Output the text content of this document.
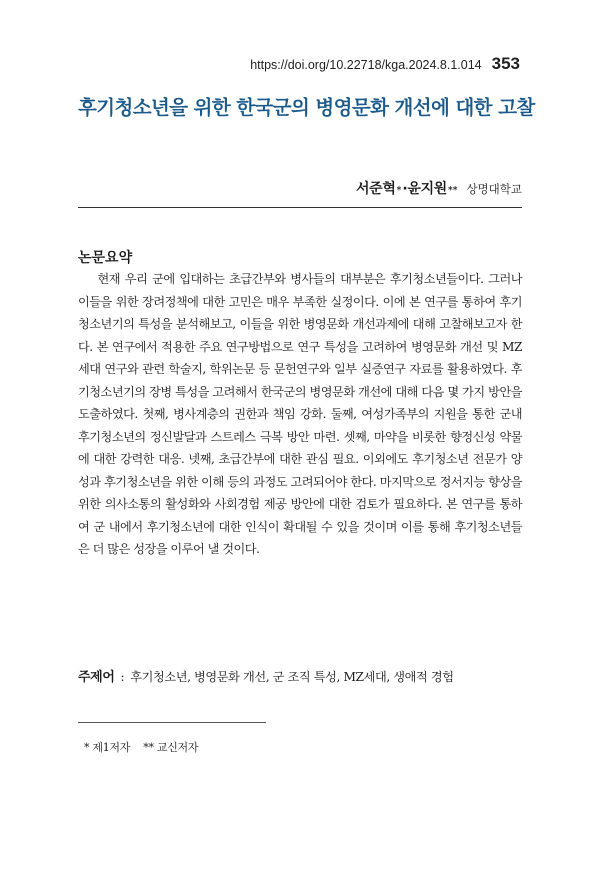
https://doi.org/10.22718/kga.2024.8.1.014 353
후기청소년을 위한 한국군의 병영문화 개선에 대한 고찰
서준혁 * · 윤지원 ** 상명대학교
논문요약

현재 우리 군에 입대하는 초급간부와 병사들의 대부분은 후기청소년들이다. 그러나 이들을 위한 장려정책에 대한 고민은 매우 부족한 실정이다. 이에 본 연구를 통하여 후기청소년기의 특성을 분석해보고, 이들을 위한 병영문화 개선과제에 대해 고찰해보고자 한다. 본 연구에서 적용한 주요 연구방법으로 연구 특성을 고려하여 병영문화 개선 및 MZ 세대 연구와 관련 학술지, 학위논문 등 문헌연구와 일부 실증연구 자료를 활용하였다. 후기청소년기의 장병 특성을 고려해서 한국군의 병영문화 개선에 대해 다음 몇 가지 방안을 도출하였다. 첫째, 병사계층의 권한과 책임 강화. 둘째, 여성가족부의 지원을 통한 군내 후기청소년의 정신발달과 스트레스 극복 방안 마련. 셋째, 마약을 비롯한 향정신성 약물에 대한 강력한 대응. 넷째, 초급간부에 대한 관심 필요. 이외에도 후기청소년 전문가 양성과 후기청소년을 위한 이해 등의 과정도 고려되어야 한다. 마지막으로 정서지능 향상을 위한 의사소통의 활성화와 사회경험 제공 방안에 대한 검토가 필요하다. 본 연구를 통하여 군 내에서 후기청소년에 대한 인식이 확대될 수 있을 것이며 이를 통해 후기청소년들은 더 많은 성장을 이루어 낼 것이다.

주제어 : 후기청소년, 병영문화 개선, 군 조직 특성, MZ세대, 생애적 경험
* 제1저자 ** 교신저자
